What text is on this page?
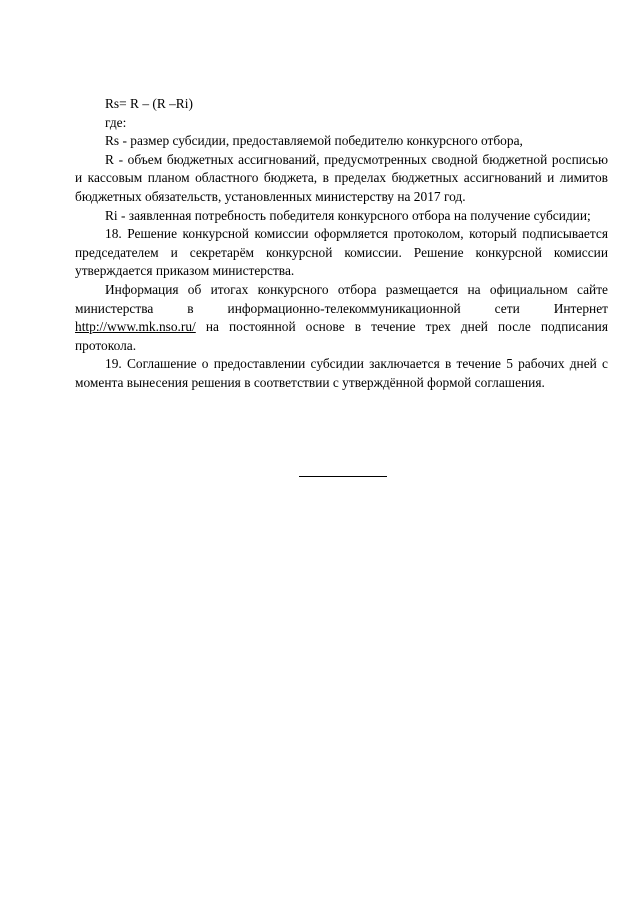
Rs= R – (R –Ri)

где:

Rs - размер субсидии, предоставляемой победителю конкурсного отбора,

R - объем бюджетных ассигнований, предусмотренных сводной бюджетной росписью и кассовым планом областного бюджета, в пределах бюджетных ассигнований и лимитов бюджетных обязательств, установленных министерству на 2017 год.

Ri - заявленная потребность победителя конкурсного отбора на получение субсидии;

18. Решение конкурсной комиссии оформляется протоколом, который подписывается председателем и секретарём конкурсной комиссии. Решение конкурсной комиссии утверждается приказом министерства.

Информация об итогах конкурсного отбора размещается на официальном сайте министерства в информационно-телекоммуникационной сети Интернет http://www.mk.nso.ru/ на постоянной основе в течение трех дней после подписания протокола.

19. Соглашение о предоставлении субсидии заключается в течение 5 рабочих дней с момента вынесения решения в соответствии с утверждённой формой соглашения.
